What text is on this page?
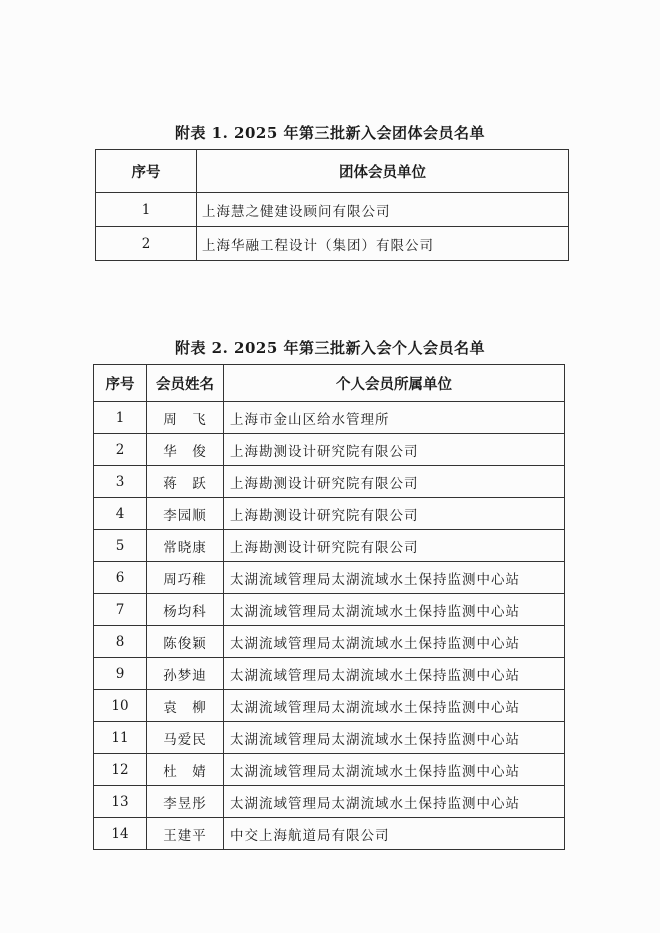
附表 1. 2025 年第三批新入会团体会员名单
序号	团体会员单位
1	上海慧之健建设顾问有限公司
2	上海华融工程设计（集团）有限公司
附表 2. 2025 年第三批新入会个人会员名单
序号	会员姓名	个人会员所属单位
1	周　飞	上海市金山区给水管理所
2	华　俊	上海勘测设计研究院有限公司
3	蒋　跃	上海勘测设计研究院有限公司
4	李园顺	上海勘测设计研究院有限公司
5	常晓康	上海勘测设计研究院有限公司
6	周巧稚	太湖流域管理局太湖流域水土保持监测中心站
7	杨均科	太湖流域管理局太湖流域水土保持监测中心站
8	陈俊颖	太湖流域管理局太湖流域水土保持监测中心站
9	孙梦迪	太湖流域管理局太湖流域水土保持监测中心站
10	袁　柳	太湖流域管理局太湖流域水土保持监测中心站
11	马爱民	太湖流域管理局太湖流域水土保持监测中心站
12	杜　婧	太湖流域管理局太湖流域水土保持监测中心站
13	李昱彤	太湖流域管理局太湖流域水土保持监测中心站
14	王建平	中交上海航道局有限公司
